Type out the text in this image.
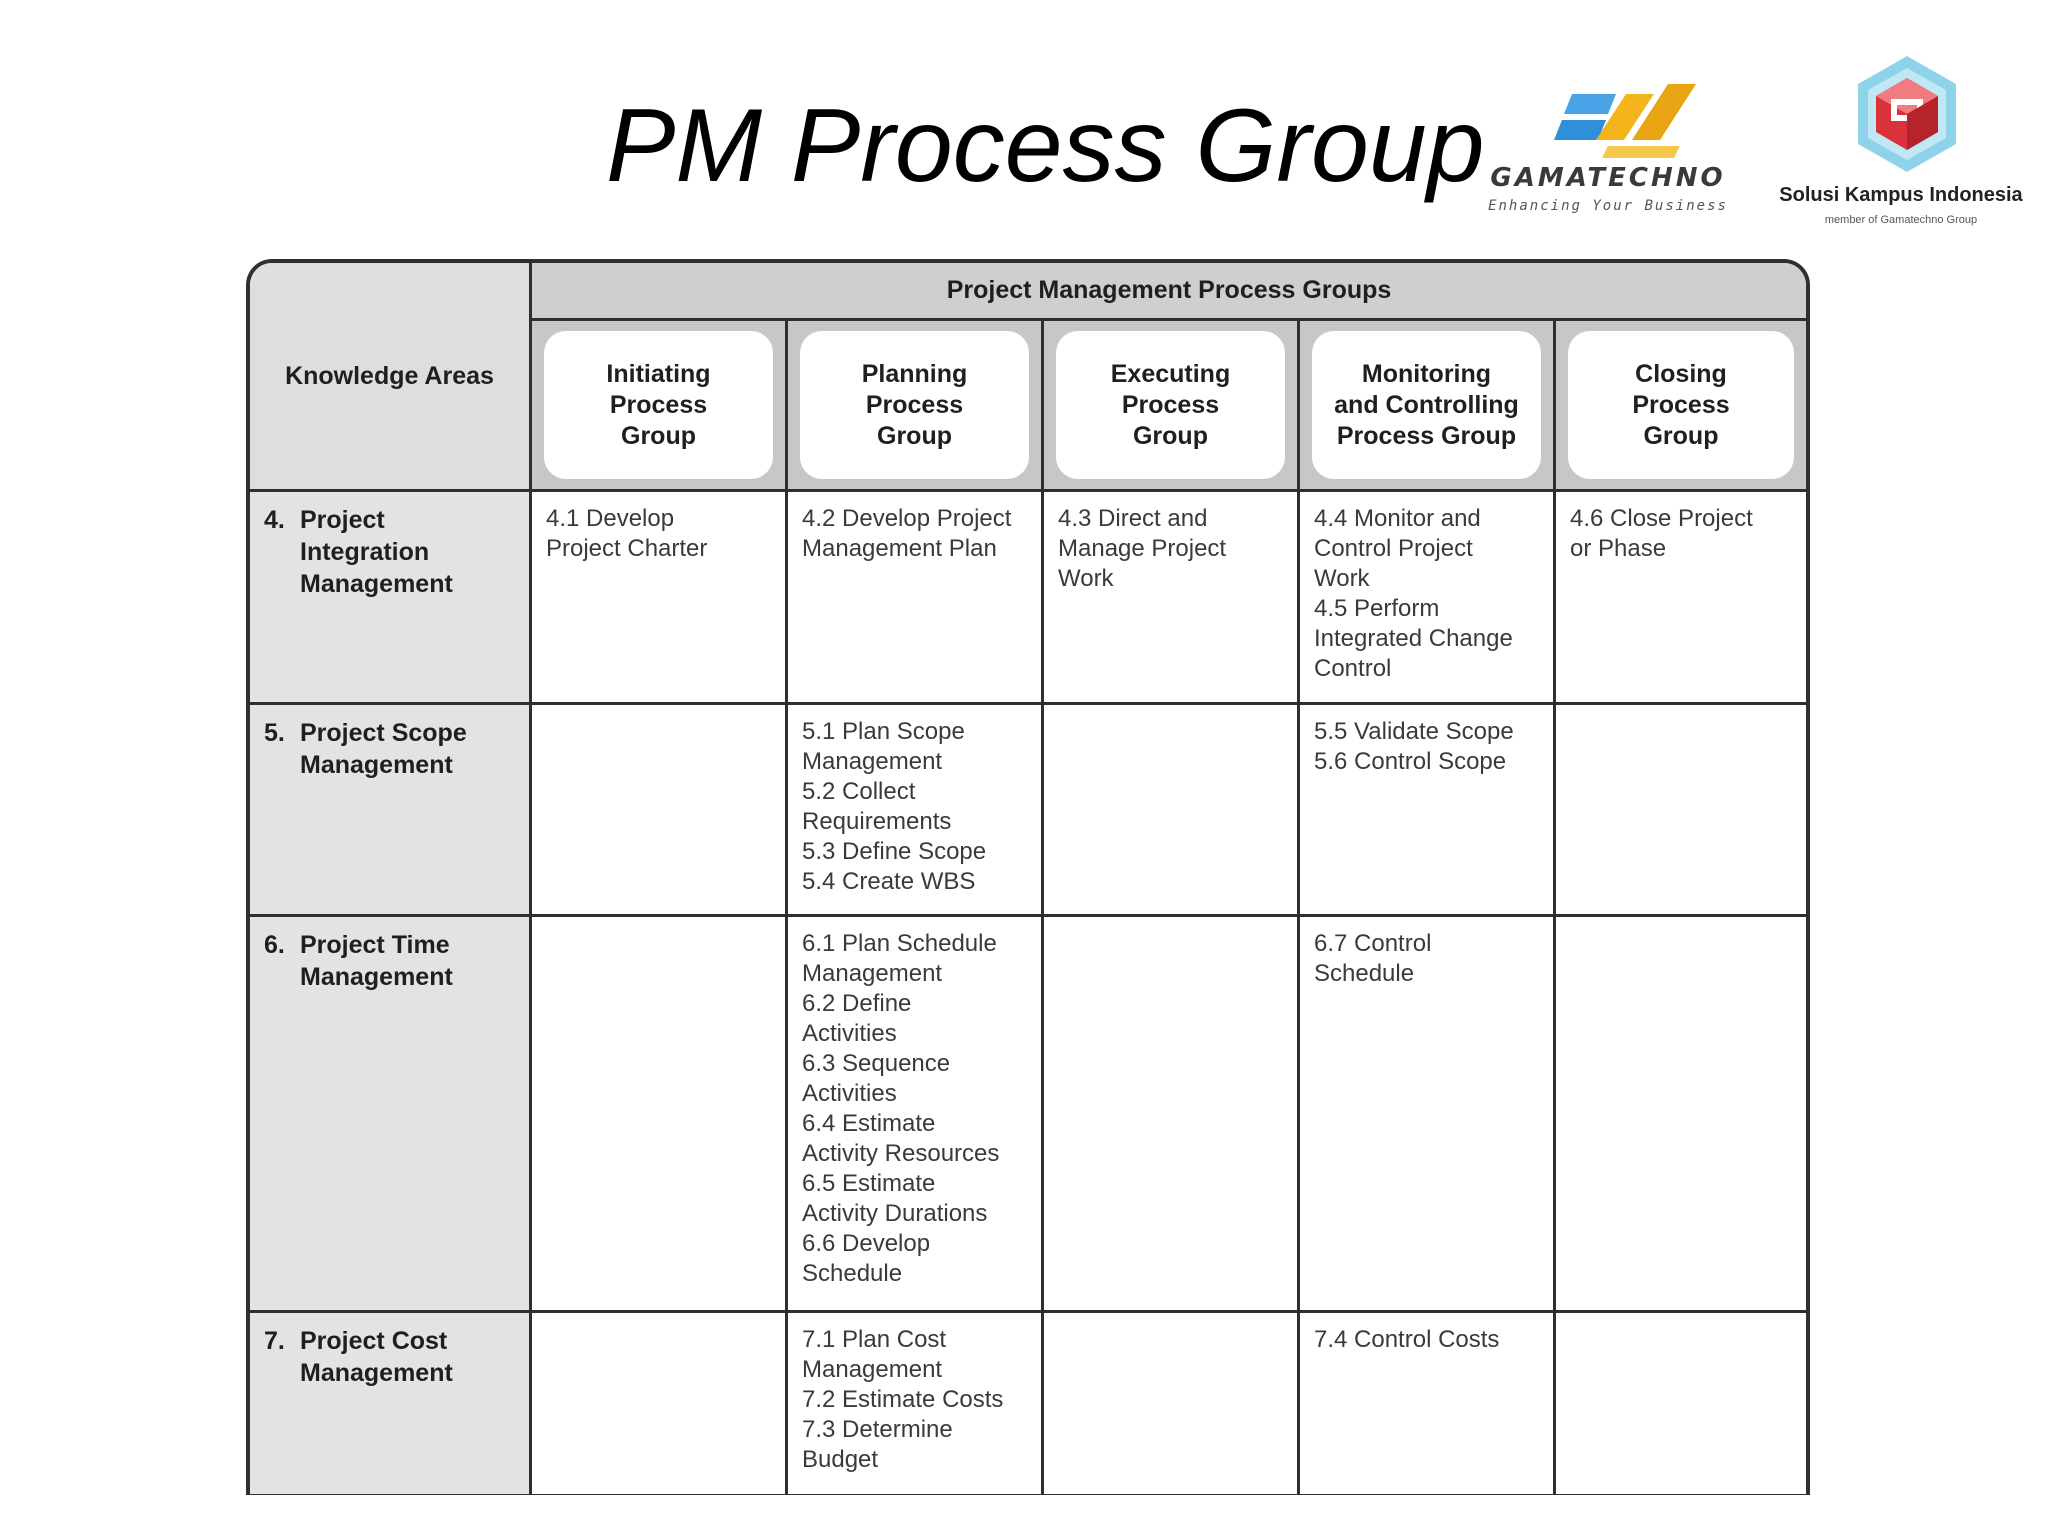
PM Process Group GAMATECHNO
Enhancing Your Business	Solusi Kampus Indonesia
member of Gamatechno Group
Knowledge Areas
Project Management Process Groups
Initiating
Process
Group
Planning
Process
Group
Executing
Process
Group
Monitoring
and Controlling
Process Group
Closing
Process
Group
4. Project
Integration
Management
4.1 Develop
Project Charter
4.2 Develop Project
Management Plan
4.3 Direct and
Manage Project
Work
4.4 Monitor and
Control Project
Work
4.5 Perform
Integrated Change
Control
4.6 Close Project
or Phase
5. Project Scope
Management
5.1 Plan Scope
Management
5.2 Collect
Requirements
5.3 Define Scope
5.4 Create WBS
5.5 Validate Scope
5.6 Control Scope
6. Project Time
Management
6.1 Plan Schedule
Management
6.2 Define
Activities
6.3 Sequence
Activities
6.4 Estimate
Activity Resources
6.5 Estimate
Activity Durations
6.6 Develop
Schedule
6.7 Control
Schedule
7. Project Cost
Management
7.1 Plan Cost
Management
7.2 Estimate Costs
7.3 Determine
Budget
7.4 Control Costs
